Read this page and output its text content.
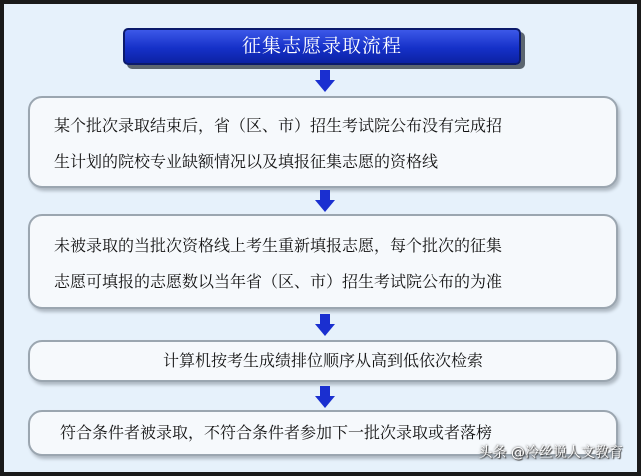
征集志愿录取流程
某个批次录取结束后，省（区、市）招生考试院公布没有完成招
生计划的院校专业缺额情况以及填报征集志愿的资格线
未被录取的当批次资格线上考生重新填报志愿，每个批次的征集
志愿可填报的志愿数以当年省（区、市）招生考试院公布的为准
计算机按考生成绩排位顺序从高到低依次检索
符合条件者被录取，不符合条件者参加下一批次录取或者落榜
头条 @冷丝说人文教育
